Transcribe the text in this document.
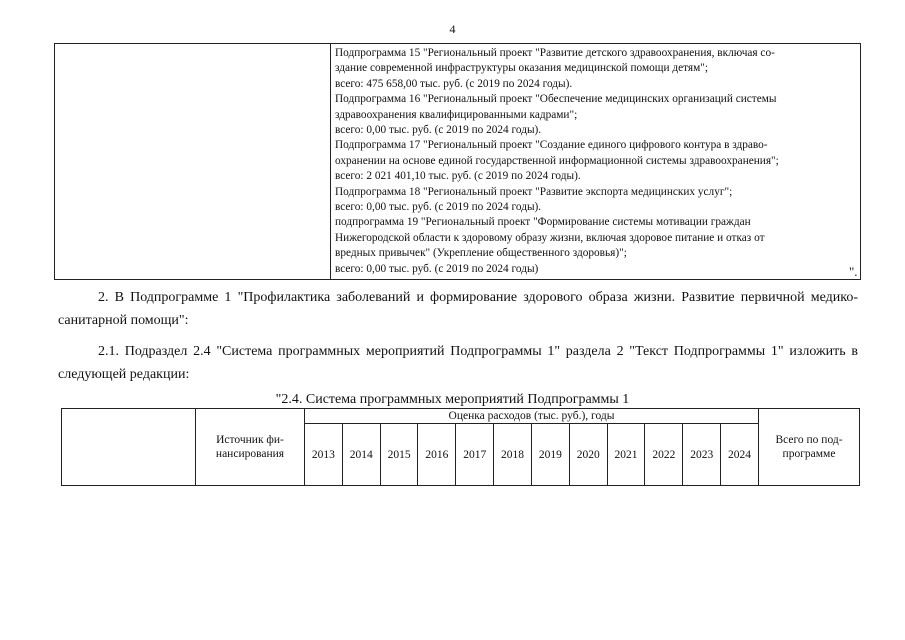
4

Подпрограмма 15 "Региональный проект "Развитие детского здравоохранения, включая со-
здание современной инфраструктуры оказания медицинской помощи детям";
всего: 475 658,00 тыс. руб. (с 2019 по 2024 годы).
Подпрограмма 16 "Региональный проект "Обеспечение медицинских организаций системы
здравоохранения квалифицированными кадрами";
всего: 0,00 тыс. руб. (с 2019 по 2024 годы).
Подпрограмма 17 "Региональный проект "Создание единого цифрового контура в здраво-
охранении на основе единой государственной информационной системы здравоохранения";
всего: 2 021 401,10 тыс. руб. (с 2019 по 2024 годы).
Подпрограмма 18 "Региональный проект "Развитие экспорта медицинских услуг";
всего: 0,00 тыс. руб. (с 2019 по 2024 годы).
подпрограмма 19 "Региональный проект "Формирование системы мотивации граждан
Нижегородской области к здоровому образу жизни, включая здоровое питание и отказ от
вредных привычек" (Укрепление общественного здоровья)";
всего: 0,00 тыс. руб. (с 2019 по 2024 годы)	".
2. В Подпрограмме 1 "Профилактика заболеваний и формирование здорового образа жизни. Развитие первичной медико-санитарной помощи":
2.1. Подраздел 2.4 "Система программных мероприятий Подпрограммы 1" раздела 2 "Текст Подпрограммы 1" изложить в следующей редакции:
"2.4. Система программных мероприятий Подпрограммы 1
	Источник фи-нансирования	Оценка расходов (тыс. руб.), годы												Всего по под-программе
		2013	2014	2015	2016	2017	2018	2019	2020	2021	2022	2023	2024	
